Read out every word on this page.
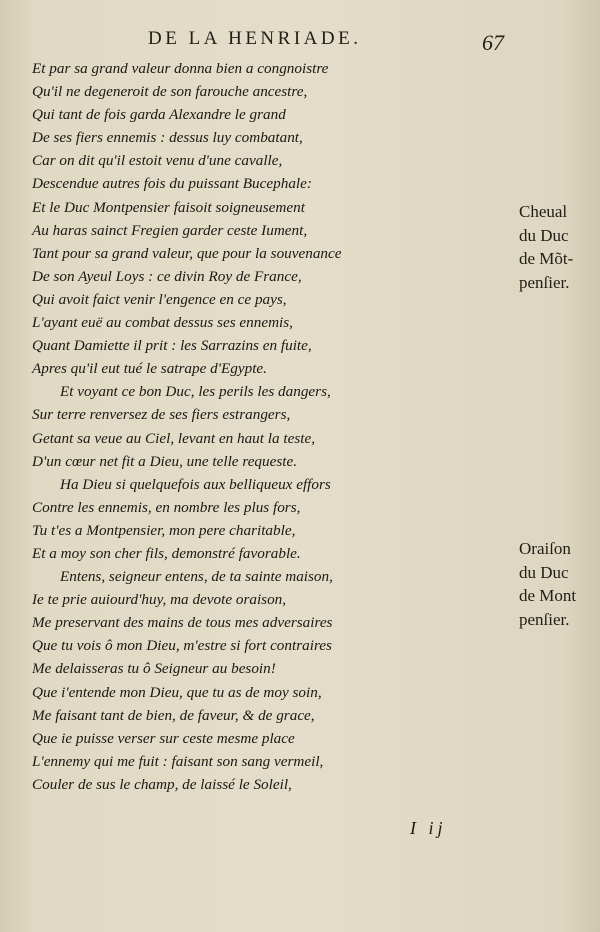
DE LA HENRIADE.	67
Et par sa grand valeur donna bien a congnoistre
Qu'il ne degeneroit de son farouche ancestre,
Qui tant de fois garda Alexandre le grand
De ses fiers ennemis : dessus luy combatant,
Car on dit qu'il estoit venu d'une cavalle,
Descendue autres fois du puissant Bucephale:
Et le Duc Montpensier faisoit soigneusement
Au haras sainct Fregien garder ceste Iument,
Tant pour sa grand valeur, que pour la souvenance
De son Ayeul Loys : ce divin Roy de France,
Qui avoit faict venir l'engence en ce pays,
L'ayant euë au combat dessus ses ennemis,
Quant Damiette il prit : les Sarrazins en fuite,
Apres qu'il eut tué le satrape d'Egypte.
Et voyant ce bon Duc, les perils les dangers,
Sur terre renversez de ses fiers estrangers,
Getant sa veue au Ciel, levant en haut la teste,
D'un cœur net fit a Dieu, une telle requeste.
Ha Dieu si quelquefois aux belliqueux effors
Contre les ennemis, en nombre les plus fors,
Tu t'es a Montpensier, mon pere charitable,
Et a moy son cher fils, demonstré favorable.
Entens, seigneur entens, de ta sainte maison,
Ie te prie auiourd'huy, ma devote oraison,
Me preservant des mains de tous mes adversaires
Que tu vois ô mon Dieu, m'estre si fort contraires
Me delaisseras tu ô Seigneur au besoin!
Que i'entende mon Dieu, que tu as de moy soin,
Me faisant tant de bien, de faveur, & de grace,
Que ie puisse verser sur ceste mesme place
L'ennemy qui me fuit : faisant son sang vermeil,
Couler de sus le champ, de laissé le Soleil,
Cheual
du Duc
de Mõt-
penſier.
Oraiſon
du Duc
de Mont
penſier.
I ij
